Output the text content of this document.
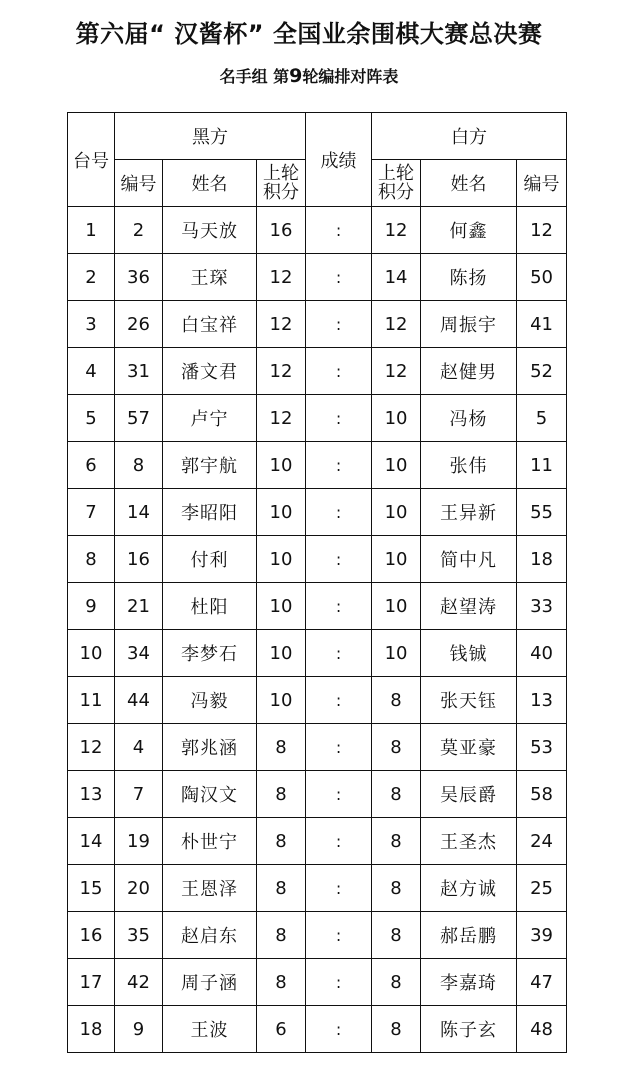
第六届“ 汉酱杯” 全国业余围棋大赛总决赛
名手组 第9轮编排对阵表
台号	黑方			成绩	白方		
	编号	姓名	上轮积分		上轮积分	姓名	编号
1	2	马天放	16	:	12	何鑫	12
2	36	王琛	12	:	14	陈扬	50
3	26	白宝祥	12	:	12	周振宇	41
4	31	潘文君	12	:	12	赵健男	52
5	57	卢宁	12	:	10	冯杨	5
6	8	郭宇航	10	:	10	张伟	11
7	14	李昭阳	10	:	10	王异新	55
8	16	付利	10	:	10	简中凡	18
9	21	杜阳	10	:	10	赵望涛	33
10	34	李梦石	10	:	10	钱铖	40
11	44	冯毅	10	:	8	张天钰	13
12	4	郭兆涵	8	:	8	莫亚豪	53
13	7	陶汉文	8	:	8	吴辰爵	58
14	19	朴世宁	8	:	8	王圣杰	24
15	20	王恩泽	8	:	8	赵方诚	25
16	35	赵启东	8	:	8	郝岳鹏	39
17	42	周子涵	8	:	8	李嘉琦	47
18	9	王波	6	:	8	陈子玄	48
